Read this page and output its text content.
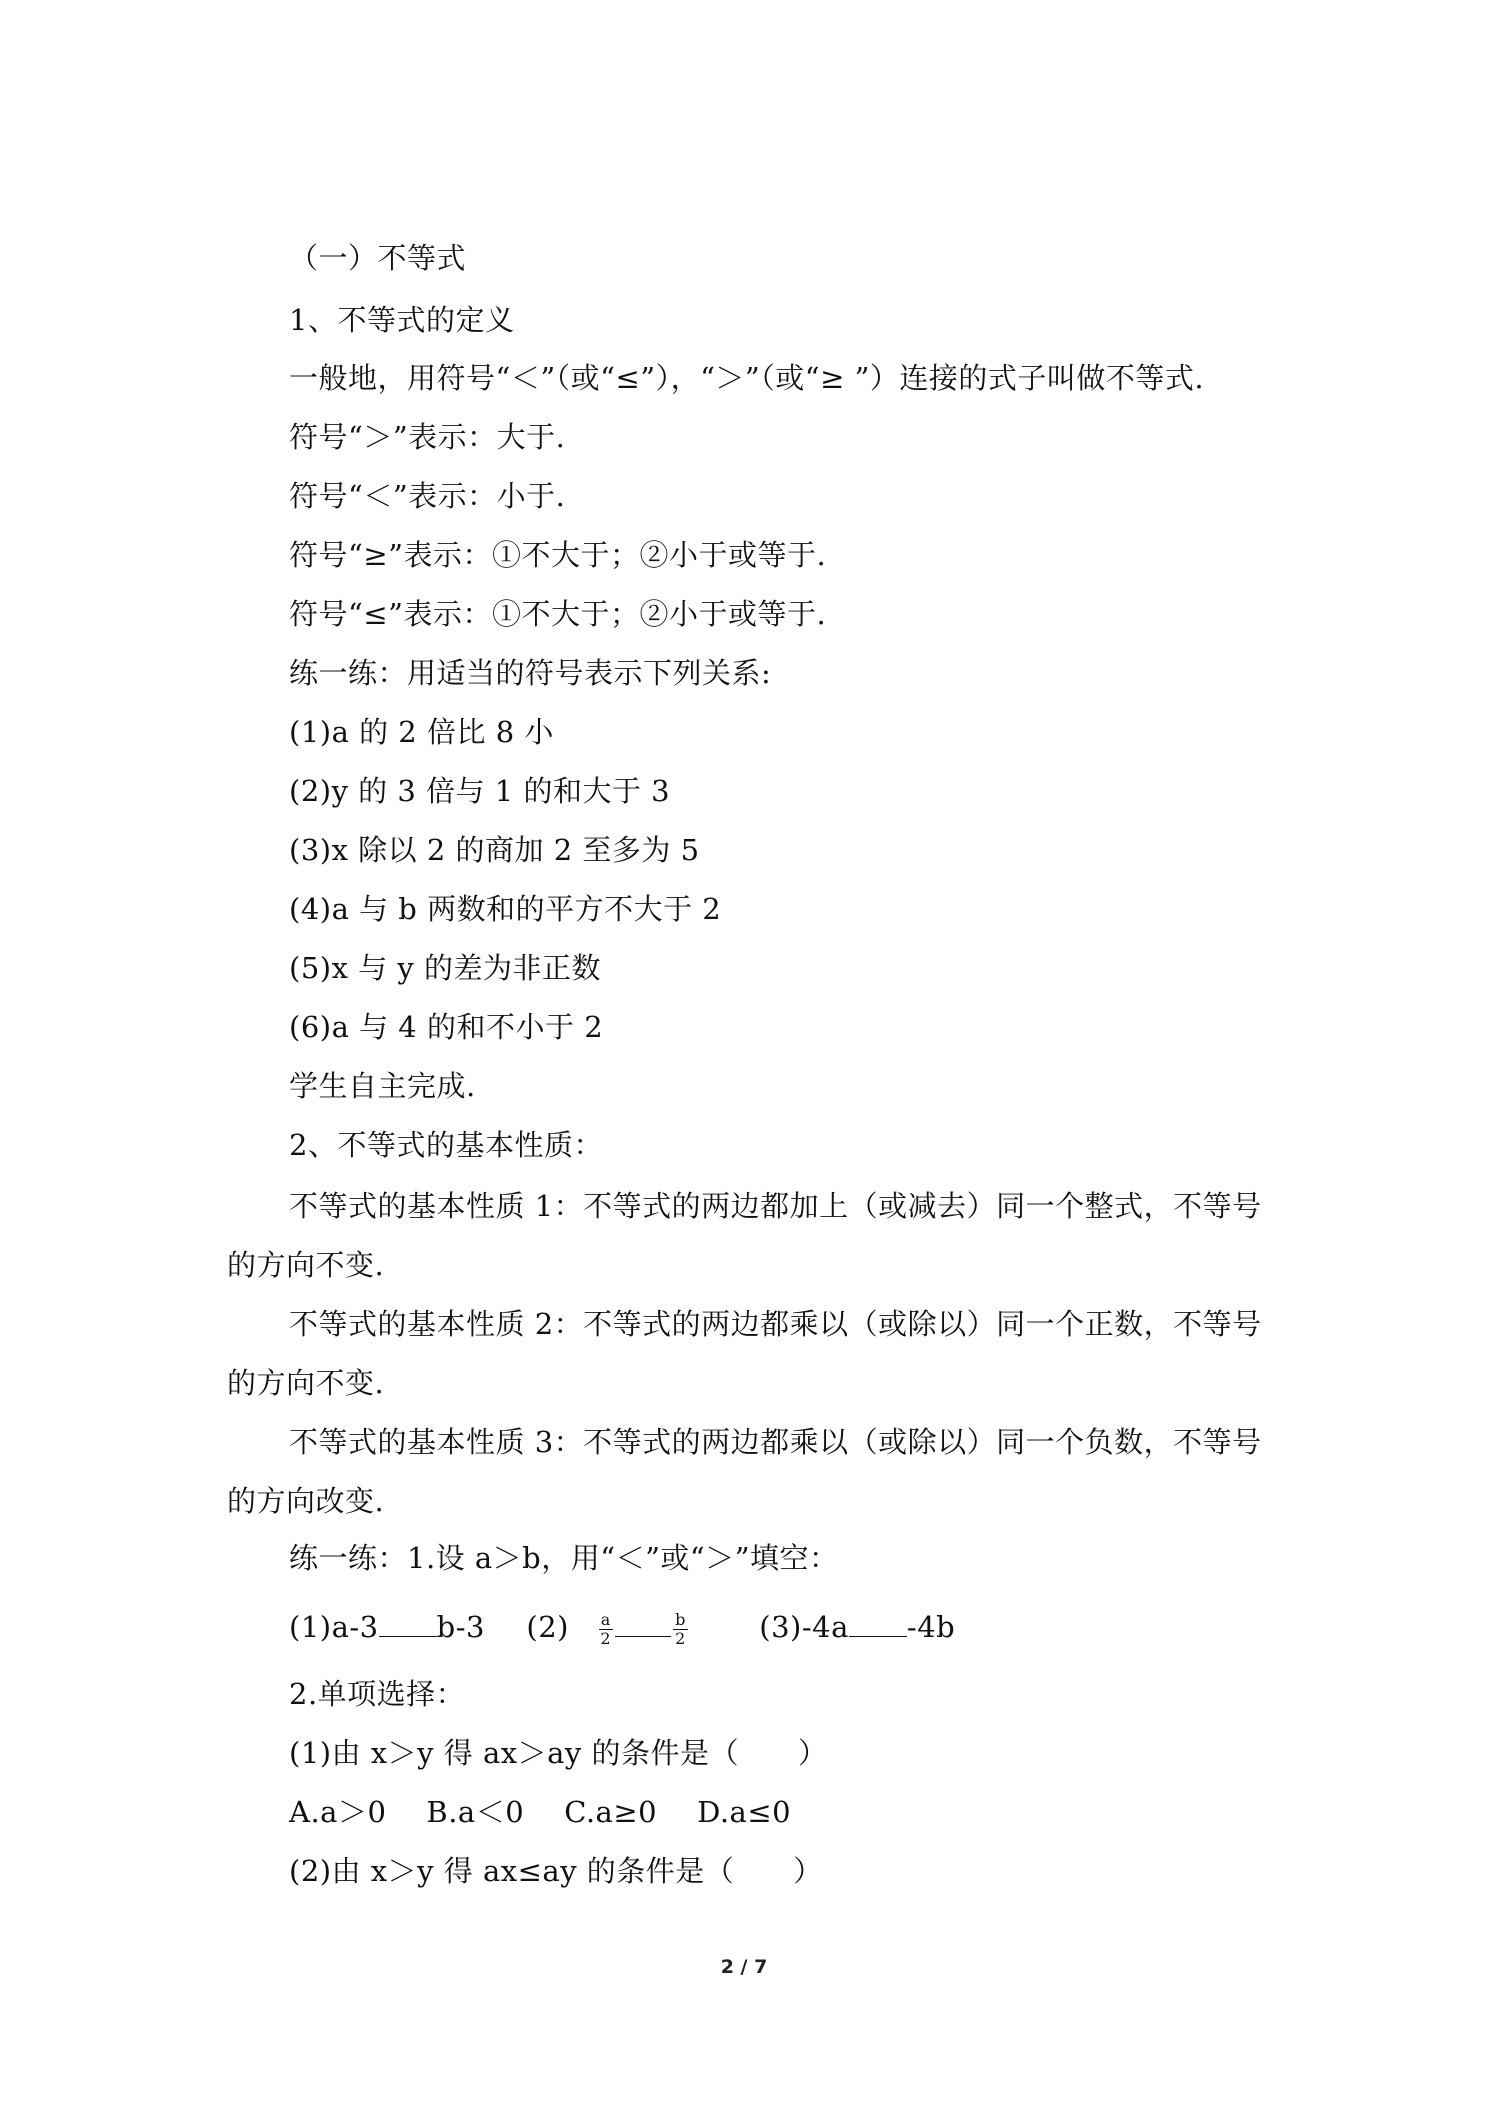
（一）不等式
1、不等式的定义
一般地，用符号“＜”（或“≤”），“＞”（或“≥ ”）连接的式子叫做不等式.
符号“＞”表示：大于.
符号“＜”表示：小于.
符号“≥”表示：①不大于；②小于或等于.
符号“≤”表示：①不大于；②小于或等于.
练一练：用适当的符号表示下列关系:
(1)a 的 2 倍比 8 小
(2)y 的 3 倍与 1 的和大于 3
(3)x 除以 2 的商加 2 至多为 5
(4)a 与 b 两数和的平方不大于 2
(5)x 与 y 的差为非正数
(6)a 与 4 的和不小于 2
学生自主完成.
2、不等式的基本性质：
不等式的基本性质 1：不等式的两边都加上（或减去）同一个整式，不等号的方向不变.
不等式的基本性质 2：不等式的两边都乘以（或除以）同一个正数，不等号的方向不变.
不等式的基本性质 3：不等式的两边都乘以（或除以）同一个负数，不等号的方向改变.
练一练：1.设 a＞b，用“＜”或“＞”填空：
(1)a-3 b-3 $(2) \frac{a}{2}$	$\frac{b}{2} (3)-4a$ -4b
2.单项选择：
(1)由 x＞y 得 ax＞ay 的条件是（　　）
A.a＞0 B.a＜0 C.a≥0 D.a≤0
(2)由 x＞y 得 ax≤ay 的条件是（　　）
2 / 7
